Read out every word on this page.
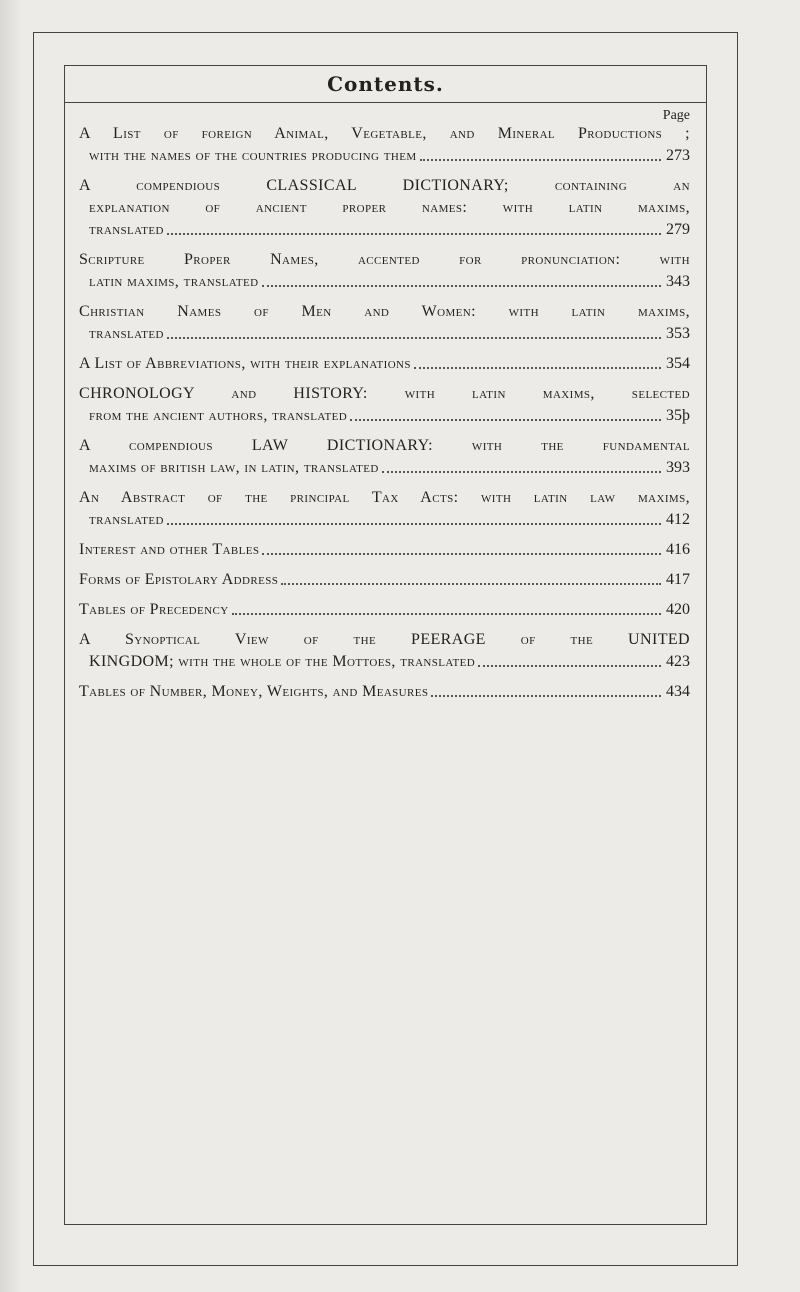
Contents.
Page
A List of foreign Animal, Vegetable, and Mineral Productions ;
with the names of the countries producing them	273
A compendious CLASSICAL DICTIONARY; containing an
explanation of ancient proper names: with latin maxims,
translated	279
Scripture Proper Names, accented for pronunciation: with
latin maxims, translated	343
Christian Names of Men and Women: with latin maxims,
translated	353
A List of Abbreviations, with their explanations	354
CHRONOLOGY and HISTORY: with latin maxims, selected
from the ancient authors, translated	35þ
A compendious LAW DICTIONARY: with the fundamental
maxims of british law, in latin, translated	393
An Abstract of the principal Tax Acts: with latin law maxims,
translated	412
Interest and other Tables	416
Forms of Epistolary Address	417
Tables of Precedency	420
A Synoptical View of the PEERAGE of the UNITED
KINGDOM; with the whole of the Mottoes, translated	423
Tables of Number, Money, Weights, and Measures	434
